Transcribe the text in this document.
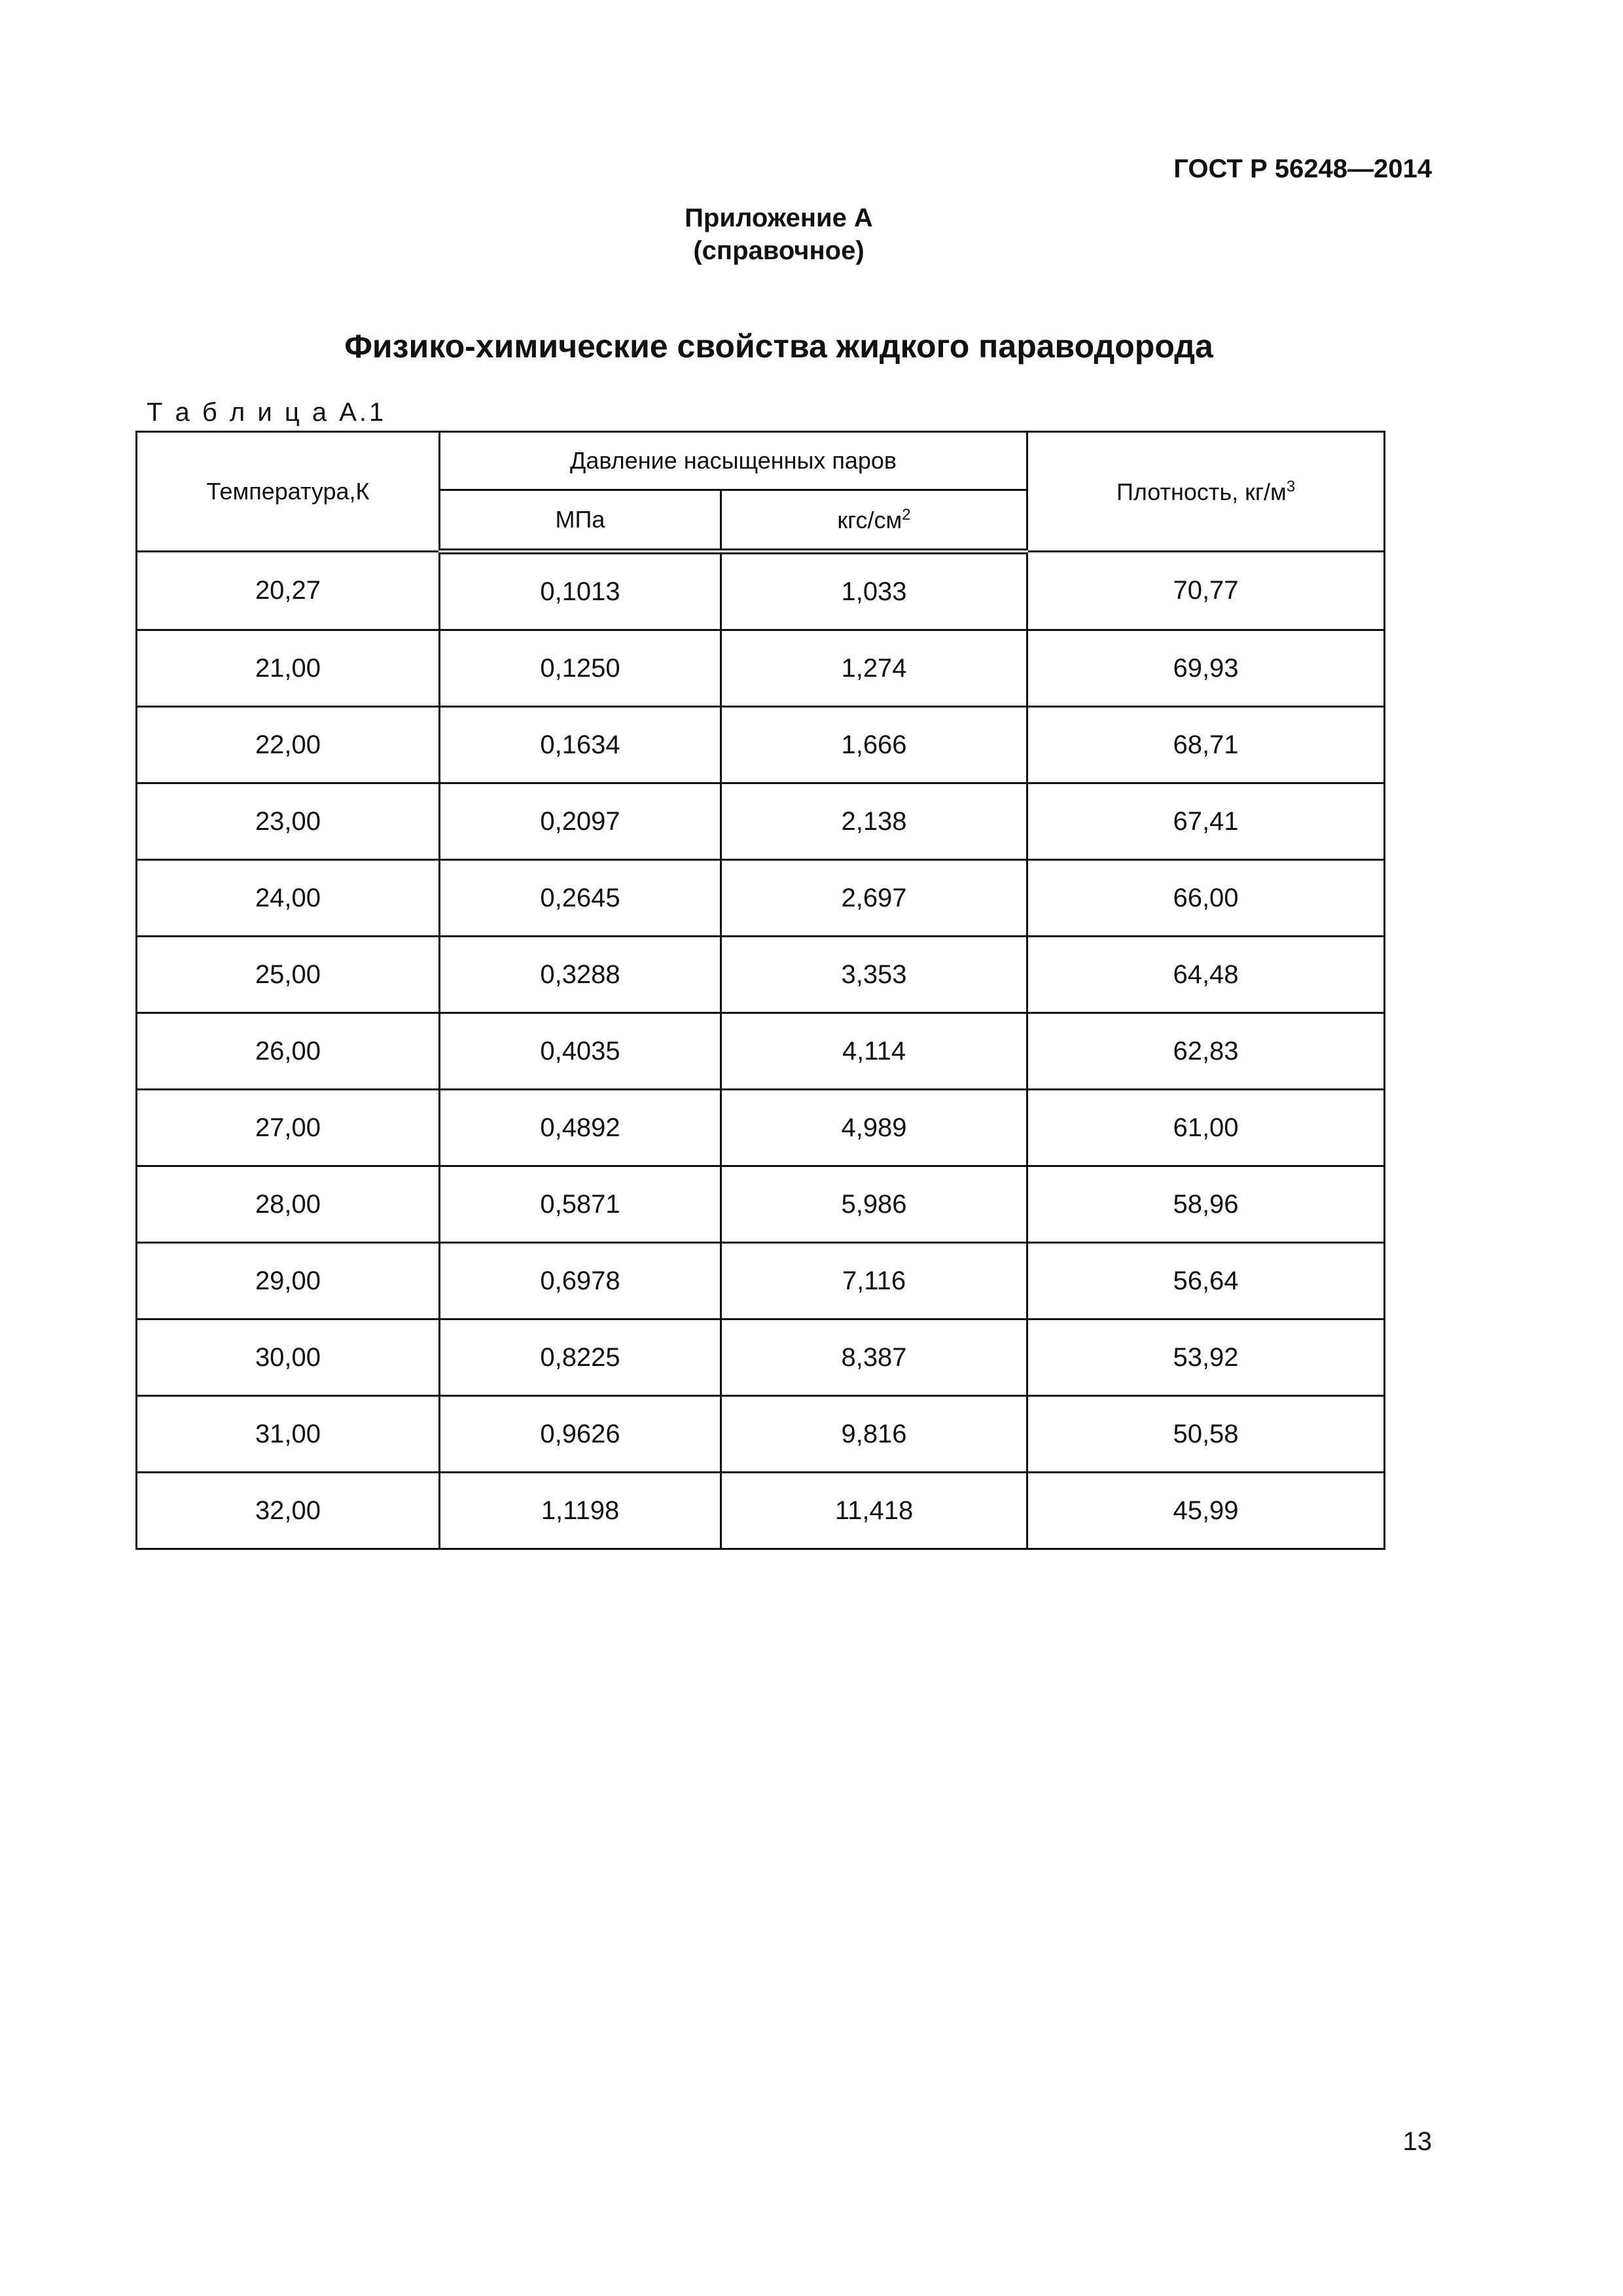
ГОСТ Р 56248—2014
Приложение А
(справочное)
Физико-химические свойства жидкого параводорода
Т а б л и ц а А.1
Температура,К	Давление насыщенных паров		Плотность, $кг/м^3$
	МПа	кгс/$см^2$
20,27	0,1013	1,033	70,77
21,00	0,1250	1,274	69,93
22,00	0,1634	1,666	68,71
23,00	0,2097	2,138	67,41
24,00	0,2645	2,697	66,00
25,00	0,3288	3,353	64,48
26,00	0,4035	4,114	62,83
27,00	0,4892	4,989	61,00
28,00	0,5871	5,986	58,96
29,00	0,6978	7,116	56,64
30,00	0,8225	8,387	53,92
31,00	0,9626	9,816	50,58
32,00	1,1198	11,418	45,99
13
